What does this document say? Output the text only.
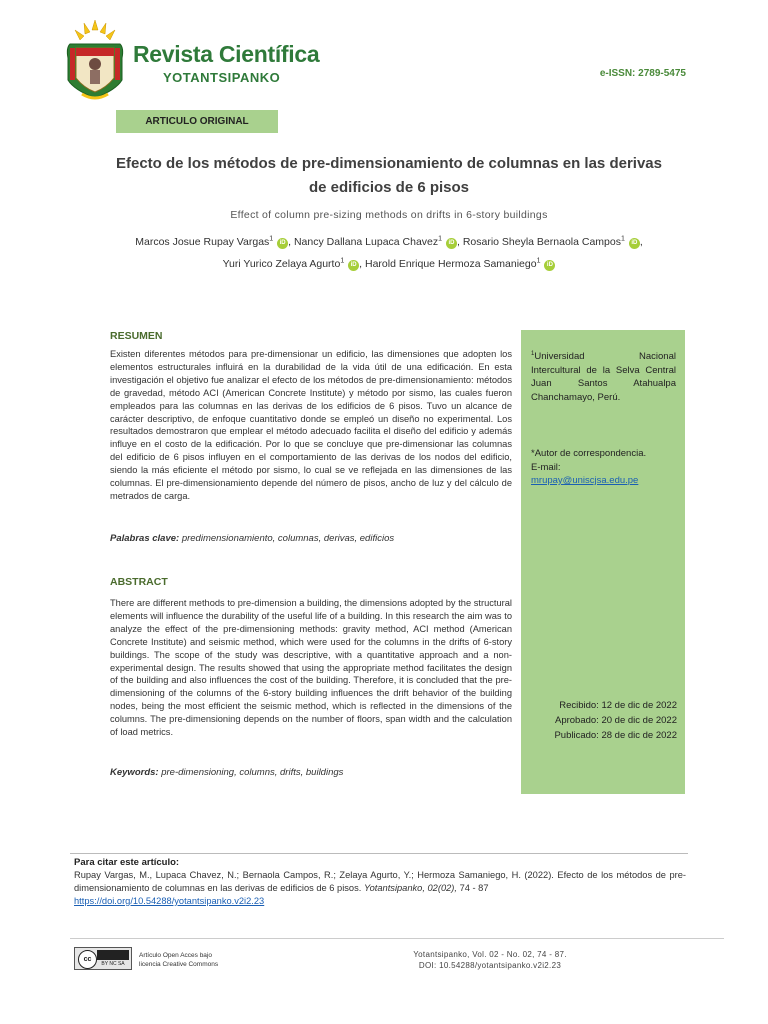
Revista Científica
YOTANTSIPANKO	e-ISSN: 2789-5475
ARTICULO ORIGINAL
Efecto de los métodos de pre-dimensionamiento de columnas en las derivas
de edificios de 6 pisos
Effect of column pre-sizing methods on drifts in 6-story buildings
Marcos Josue Rupay Vargas$^1$ iD , Nancy Dallana Lupaca Chavez$^1$ iD , Rosario Sheyla Bernaola Campos$^1$ iD ,
Yuri Yurico Zelaya Agurto$^1$ iD , Harold Enrique Hermoza Samaniego$^1$ iD
RESUMEN
Existen diferentes métodos para pre-dimensionar un edificio, las dimensiones que adopten los elementos estructurales influirá en la durabilidad de la vida útil de una edificación. En esta investigación el objetivo fue analizar el efecto de los métodos de pre-dimensionamiento: métodos de gravedad, método ACI (American Concrete Institute) y método por sismo, las cuales fueron empleados para las columnas en las derivas de los edificios de 6 pisos. Tuvo un alcance de carácter descriptivo, de enfoque cuantitativo donde se empleó un diseño no experimental. Los resultados demostraron que emplear el método adecuado facilita el diseño del edificio y además influye en el costo de la edificación. Por lo que se concluye que pre-dimensionar las columnas del edificio de 6 pisos influyen en el comportamiento de las derivas de los nodos del edificio, siendo la más eficiente el método por sismo, lo cual se ve reflejada en las dimensiones de las columnas. El pre-dimensionamiento depende del número de pisos, ancho de luz y del cálculo de metrados de carga.
Palabras clave: predimensionamiento, columnas, derivas, edificios
ABSTRACT
There are different methods to pre-dimension a building, the dimensions adopted by the structural elements will influence the durability of the useful life of a building. In this research the aim was to analyze the effect of the pre-dimensioning methods: gravity method, ACI method (American Concrete Institute) and seismic method, which were used for the columns in the drifts of 6-story buildings. The scope of the study was descriptive, with a quantitative approach and a non-experimental design. The results showed that using the appropriate method facilitates the design of the building and also influences the cost of the building. Therefore, it is concluded that the pre-dimensioning of the columns of the 6-story building influences the drift behavior of the building nodes, being the most efficient the seismic method, which is reflected in the dimensions of the columns. The pre-dimensioning depends on the number of floors, span width and the calculation of load metrics.
Keywords: pre-dimensioning, columns, drifts, buildings
$^1$Universidad Nacional Intercultural de la Selva Central Juan Santos Atahualpa Chanchamayo, Perú.
*Autor de correspondencia.
E-mail:
mrupay@uniscjsa.edu.pe
Recibido: 12 de dic de 2022
Aprobado: 20 de dic de 2022
Publicado: 28 de dic de 2022
Para citar este artículo:
Rupay Vargas, M., Lupaca Chavez, N.; Bernaola Campos, R.; Zelaya Agurto, Y.; Hermoza Samaniego, H. (2022). Efecto de los métodos de pre-dimensionamiento de columnas en las derivas de edificios de 6 pisos. Yotantsipanko, 02(02), 74 - 87
https://doi.org/10.54288/yotantsipanko.v2i2.23
cc
BY NC SA
Artículo Open Acces bajo
licencia Creative Commons
Yotantsipanko, Vol. 02 - No. 02, 74 - 87.
DOI: 10.54288/yotantsipanko.v2i2.23
